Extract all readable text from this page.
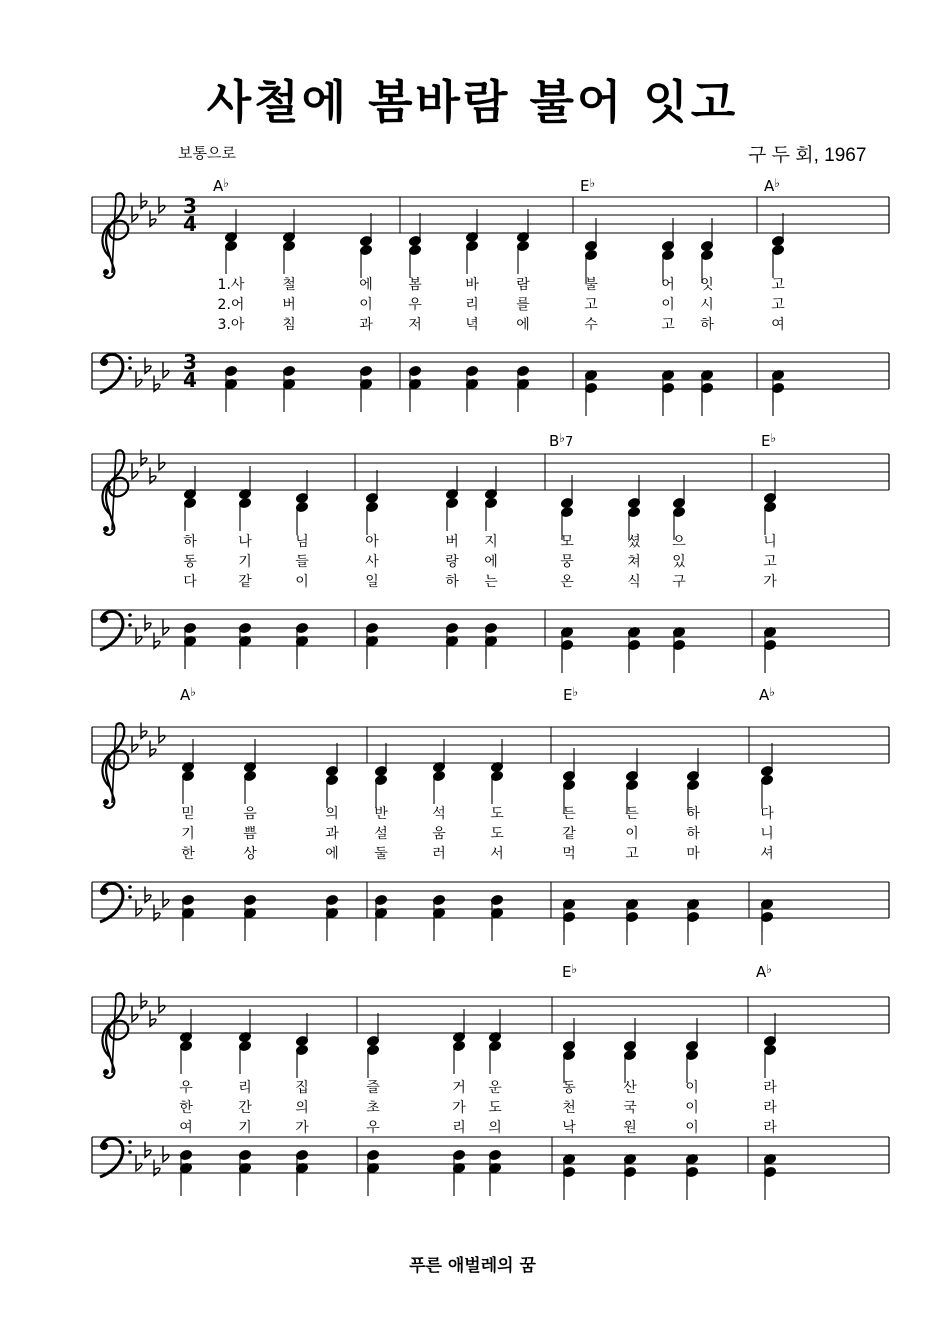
사철에 봄바람 불어 잇고
보통으로	구 두 회, 1967
3
4
3
4
A♭	E♭	A♭
1.사	철	에	봄	바	람	불	어 잇	고
2.어	버	이	우	리	를	고	이 시	고
3.아	침	과	저	녁	에	수	고 하	여
B♭7	E♭
하	나	님	아	버 지	모	셨 으	니
동	기	들	사	랑 에	뭉	쳐 있	고
다	같	이	일	하 는	온	식 구	가
A♭	E♭	A♭
믿	음	의	반	석	도	든	든	하	다
기	쁨	과	설	움	도	같	이	하	니
한	상	에	둘	러	서	먹	고	마	셔
E♭	A♭
우	리	집	즐	거 운	동	산	이	라
한	간	의	초	가 도	천	국	이	라
여	기	가	우	리 의	낙	원	이	라
푸른 애벌레의 꿈
